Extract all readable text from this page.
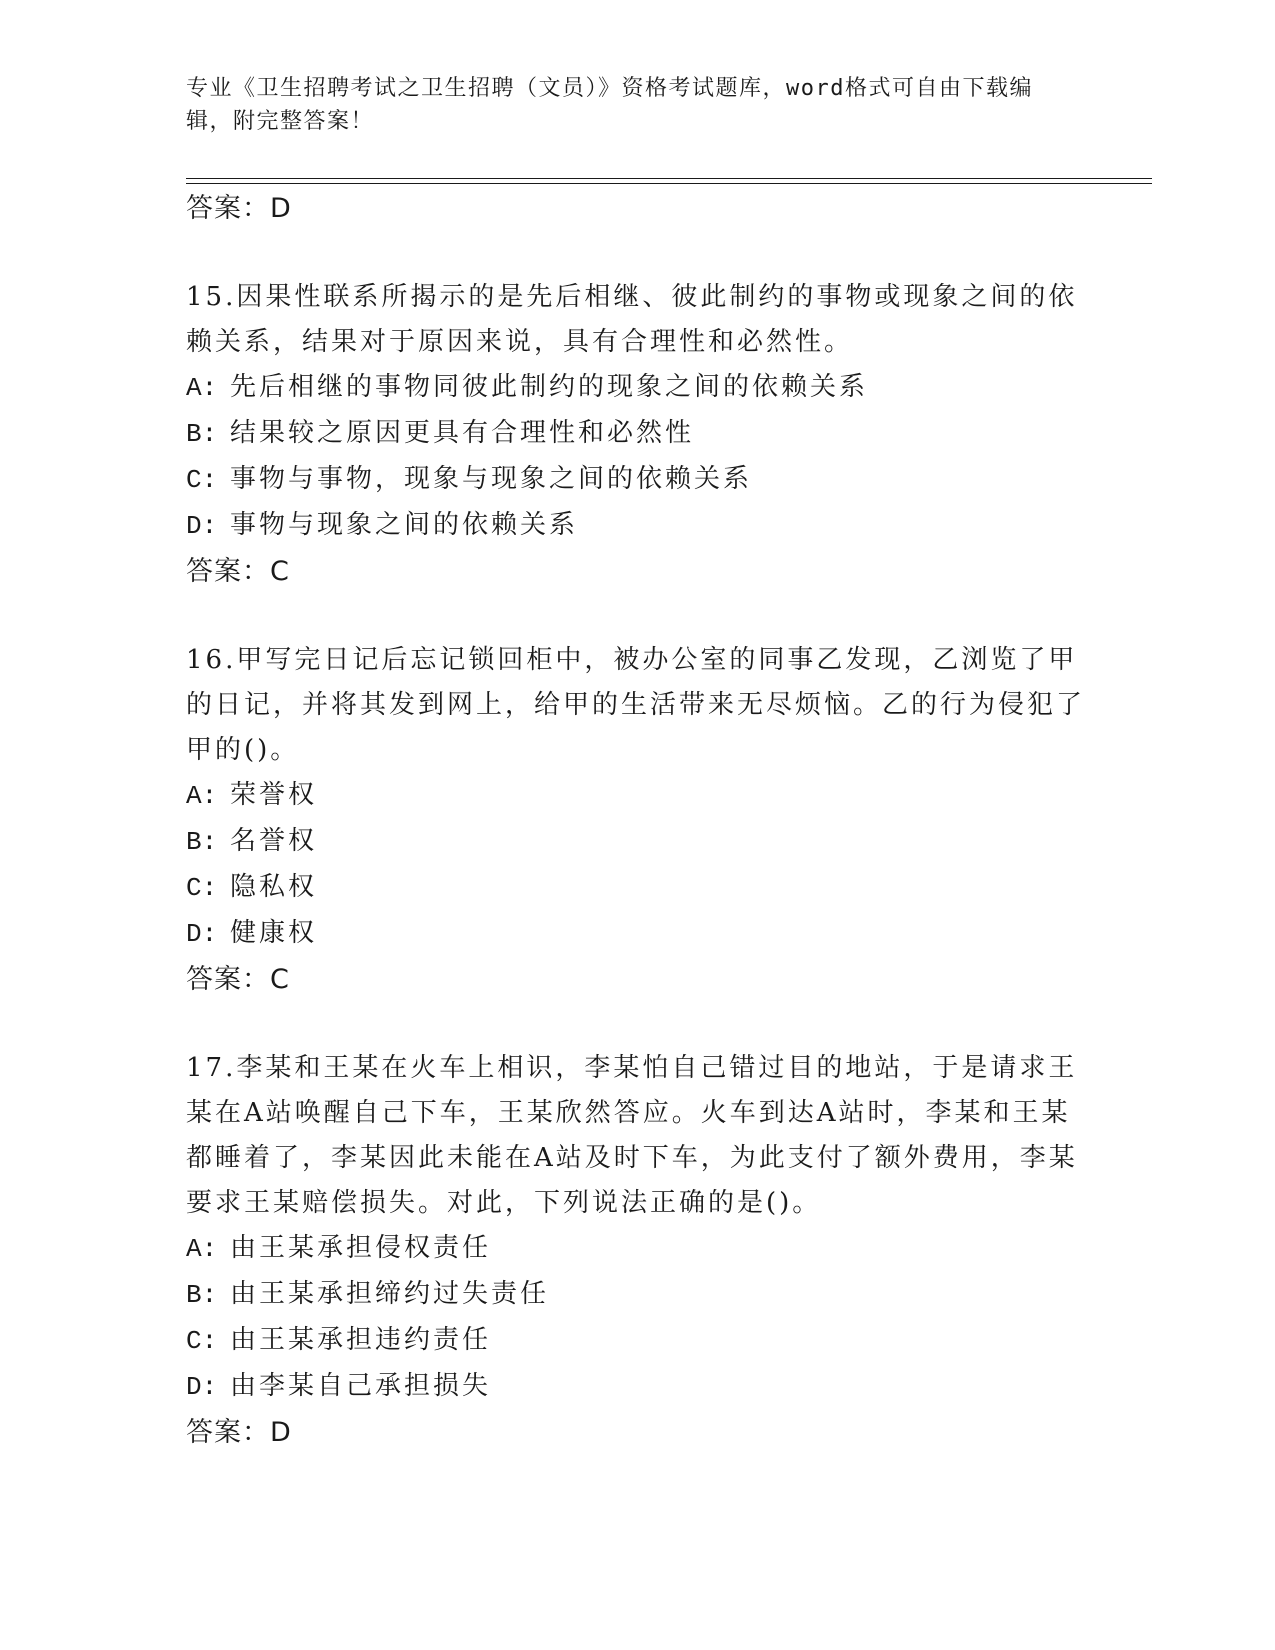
专业《卫生招聘考试之卫生招聘（文员）》资格考试题库，word格式可自由下载编辑，附完整答案！
答案：D
15.因果性联系所揭示的是先后相继、彼此制约的事物或现象之间的依赖关系，结果对于原因来说，具有合理性和必然性。
A: 先后相继的事物同彼此制约的现象之间的依赖关系
B: 结果较之原因更具有合理性和必然性
C: 事物与事物，现象与现象之间的依赖关系
D: 事物与现象之间的依赖关系
答案：C
16.甲写完日记后忘记锁回柜中，被办公室的同事乙发现，乙浏览了甲的日记，并将其发到网上，给甲的生活带来无尽烦恼。乙的行为侵犯了甲的()。
A: 荣誉权
B: 名誉权
C: 隐私权
D: 健康权
答案：C
17.李某和王某在火车上相识，李某怕自己错过目的地站，于是请求王某在A站唤醒自己下车，王某欣然答应。火车到达A站时，李某和王某都睡着了，李某因此未能在A站及时下车，为此支付了额外费用，李某要求王某赔偿损失。对此，下列说法正确的是()。
A: 由王某承担侵权责任
B: 由王某承担缔约过失责任
C: 由王某承担违约责任
D: 由李某自己承担损失
答案：D
